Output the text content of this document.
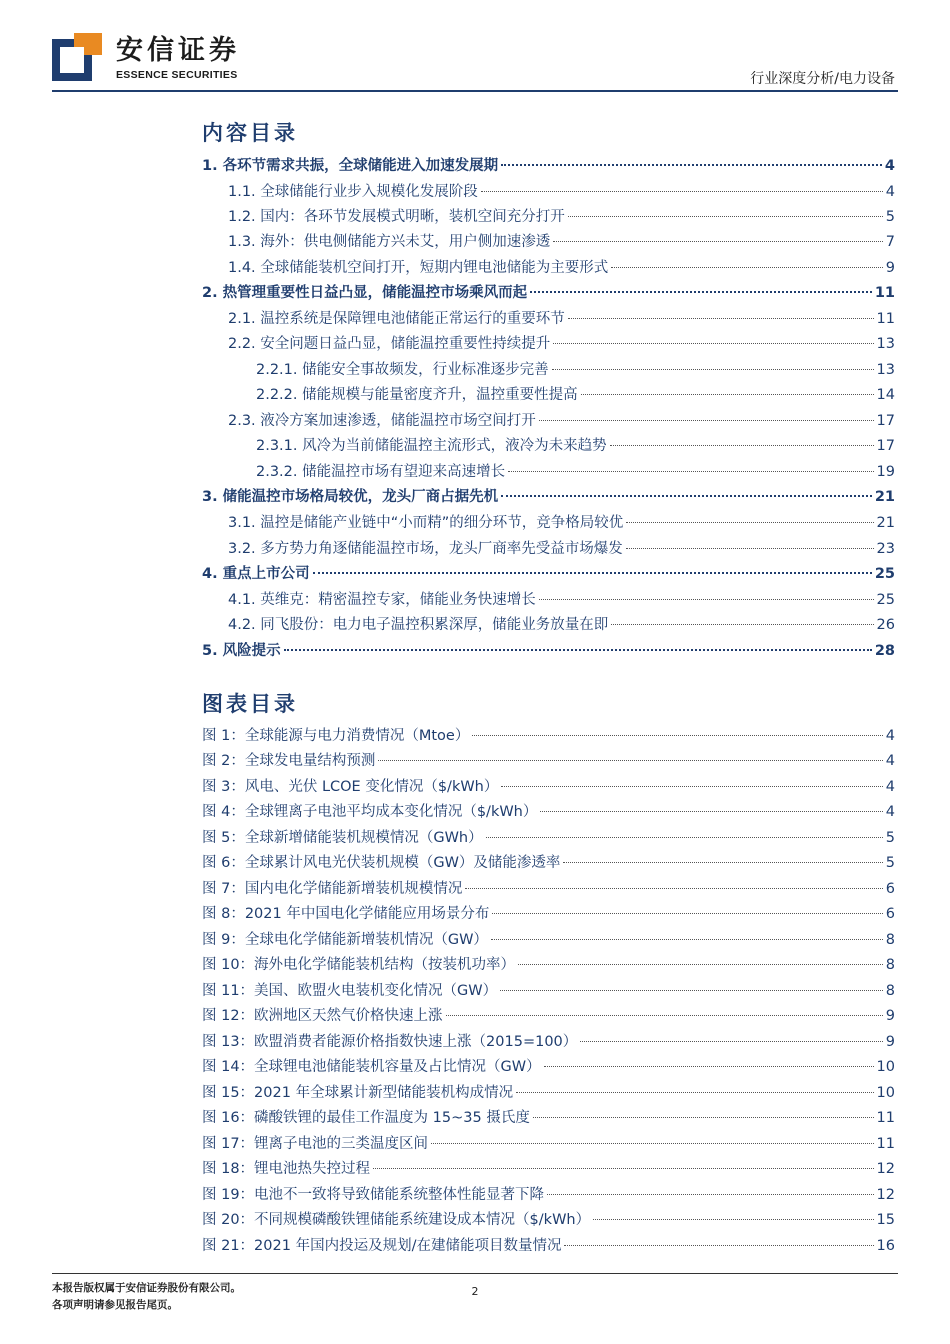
安信证券
ESSENCE SECURITIES	行业深度分析/电力设备
内容目录
1. 各环节需求共振，全球储能进入加速发展期	4
1.1. 全球储能行业步入规模化发展阶段	4
1.2. 国内：各环节发展模式明晰，装机空间充分打开	5
1.3. 海外：供电侧储能方兴未艾，用户侧加速渗透	7
1.4. 全球储能装机空间打开，短期内锂电池储能为主要形式	9
2. 热管理重要性日益凸显，储能温控市场乘风而起	11
2.1. 温控系统是保障锂电池储能正常运行的重要环节	11
2.2. 安全问题日益凸显，储能温控重要性持续提升	13
2.2.1. 储能安全事故频发，行业标准逐步完善	13
2.2.2. 储能规模与能量密度齐升，温控重要性提高	14
2.3. 液冷方案加速渗透，储能温控市场空间打开	17
2.3.1. 风冷为当前储能温控主流形式，液冷为未来趋势	17
2.3.2. 储能温控市场有望迎来高速增长	19
3. 储能温控市场格局较优，龙头厂商占据先机	21
3.1. 温控是储能产业链中“小而精”的细分环节，竞争格局较优	21
3.2. 多方势力角逐储能温控市场，龙头厂商率先受益市场爆发	23
4. 重点上市公司	25
4.1. 英维克：精密温控专家，储能业务快速增长	25
4.2. 同飞股份：电力电子温控积累深厚，储能业务放量在即	26
5. 风险提示	28
图表目录
图 1：全球能源与电力消费情况（Mtoe）	4
图 2：全球发电量结构预测	4
图 3：风电、光伏 LCOE 变化情况（$/kWh）	4
图 4：全球锂离子电池平均成本变化情况（$/kWh）	4
图 5：全球新增储能装机规模情况（GWh）	5
图 6：全球累计风电光伏装机规模（GW）及储能渗透率	5
图 7：国内电化学储能新增装机规模情况	6
图 8：2021 年中国电化学储能应用场景分布	6
图 9：全球电化学储能新增装机情况（GW）	8
图 10：海外电化学储能装机结构（按装机功率）	8
图 11：美国、欧盟火电装机变化情况（GW）	8
图 12：欧洲地区天然气价格快速上涨	9
图 13：欧盟消费者能源价格指数快速上涨（2015=100）	9
图 14：全球锂电池储能装机容量及占比情况（GW）	10
图 15：2021 年全球累计新型储能装机构成情况	10
图 16：磷酸铁锂的最佳工作温度为 15~35 摄氏度	11
图 17：锂离子电池的三类温度区间	11
图 18：锂电池热失控过程	12
图 19：电池不一致将导致储能系统整体性能显著下降	12
图 20：不同规模磷酸铁锂储能系统建设成本情况（$/kWh）	15
图 21：2021 年国内投运及规划/在建储能项目数量情况	16
本报告版权属于安信证券股份有限公司。
各项声明请参见报告尾页。
2
